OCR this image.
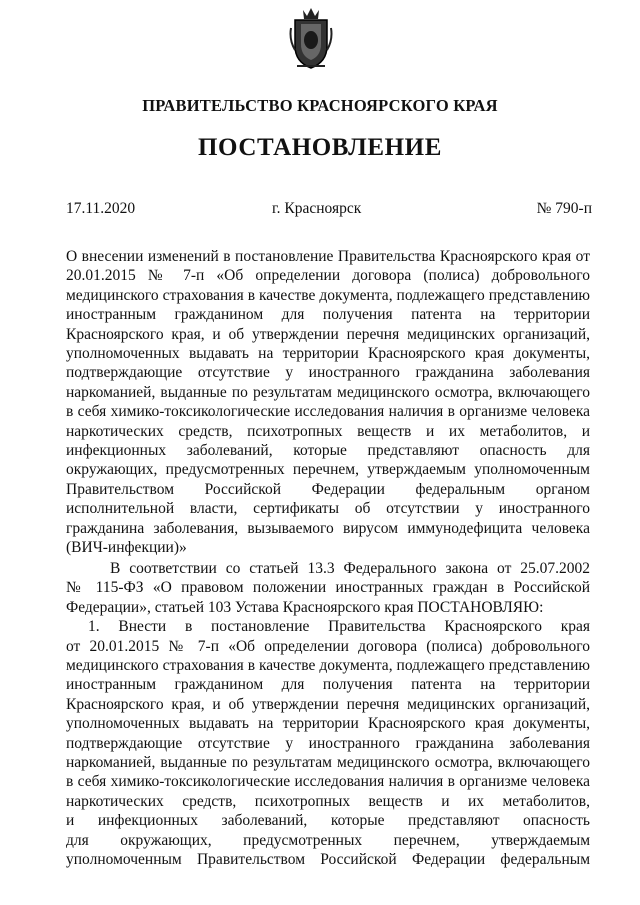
ПРАВИТЕЛЬСТВО КРАСНОЯРСКОГО КРАЯ
ПОСТАНОВЛЕНИЕ
17.11.2020	г. Красноярск	№ 790-п

О внесении изменений в постановление Правительства Красноярского края от 20.01.2015 № 7-п «Об определении договора (полиса) добровольного медицинского страхования в качестве документа, подлежащего представлению иностранным гражданином для получения патента на территории Красноярского края, и об утверждении перечня медицинских организаций, уполномоченных выдавать на территории Красноярского края документы, подтверждающие отсутствие у иностранного гражданина заболевания наркоманией, выданные по результатам медицинского осмотра, включающего в себя химико-токсикологические исследования наличия в организме человека наркотических средств, психотропных веществ и их метаболитов, и инфекционных заболеваний, которые представляют опасность для окружающих, предусмотренных перечнем, утверждаемым уполномоченным Правительством Российской Федерации федеральным органом исполнительной власти, сертификаты об отсутствии у иностранного гражданина заболевания, вызываемого вирусом иммунодефицита человека (ВИЧ-инфекции)»

В соответствии со статьей 13.3 Федерального закона от 25.07.2002
№ 115-ФЗ «О правовом положении иностранных граждан в Российской
Федерации», статьей 103 Устава Красноярского края ПОСТАНОВЛЯЮ:

1. Внести в постановление Правительства Красноярского края
от 20.01.2015 № 7-п «Об определении договора (полиса) добровольного
медицинского страхования в качестве документа, подлежащего представлению
иностранным гражданином для получения патента на территории
Красноярского края, и об утверждении перечня медицинских организаций,
уполномоченных выдавать на территории Красноярского края документы,
подтверждающие отсутствие у иностранного гражданина заболевания
наркоманией, выданные по результатам медицинского осмотра, включающего
в себя химико-токсикологические исследования наличия в организме человека
наркотических средств, психотропных веществ и их метаболитов,
и инфекционных заболеваний, которые представляют опасность
для окружающих, предусмотренных перечнем, утверждаемым
уполномоченным Правительством Российской Федерации федеральным
